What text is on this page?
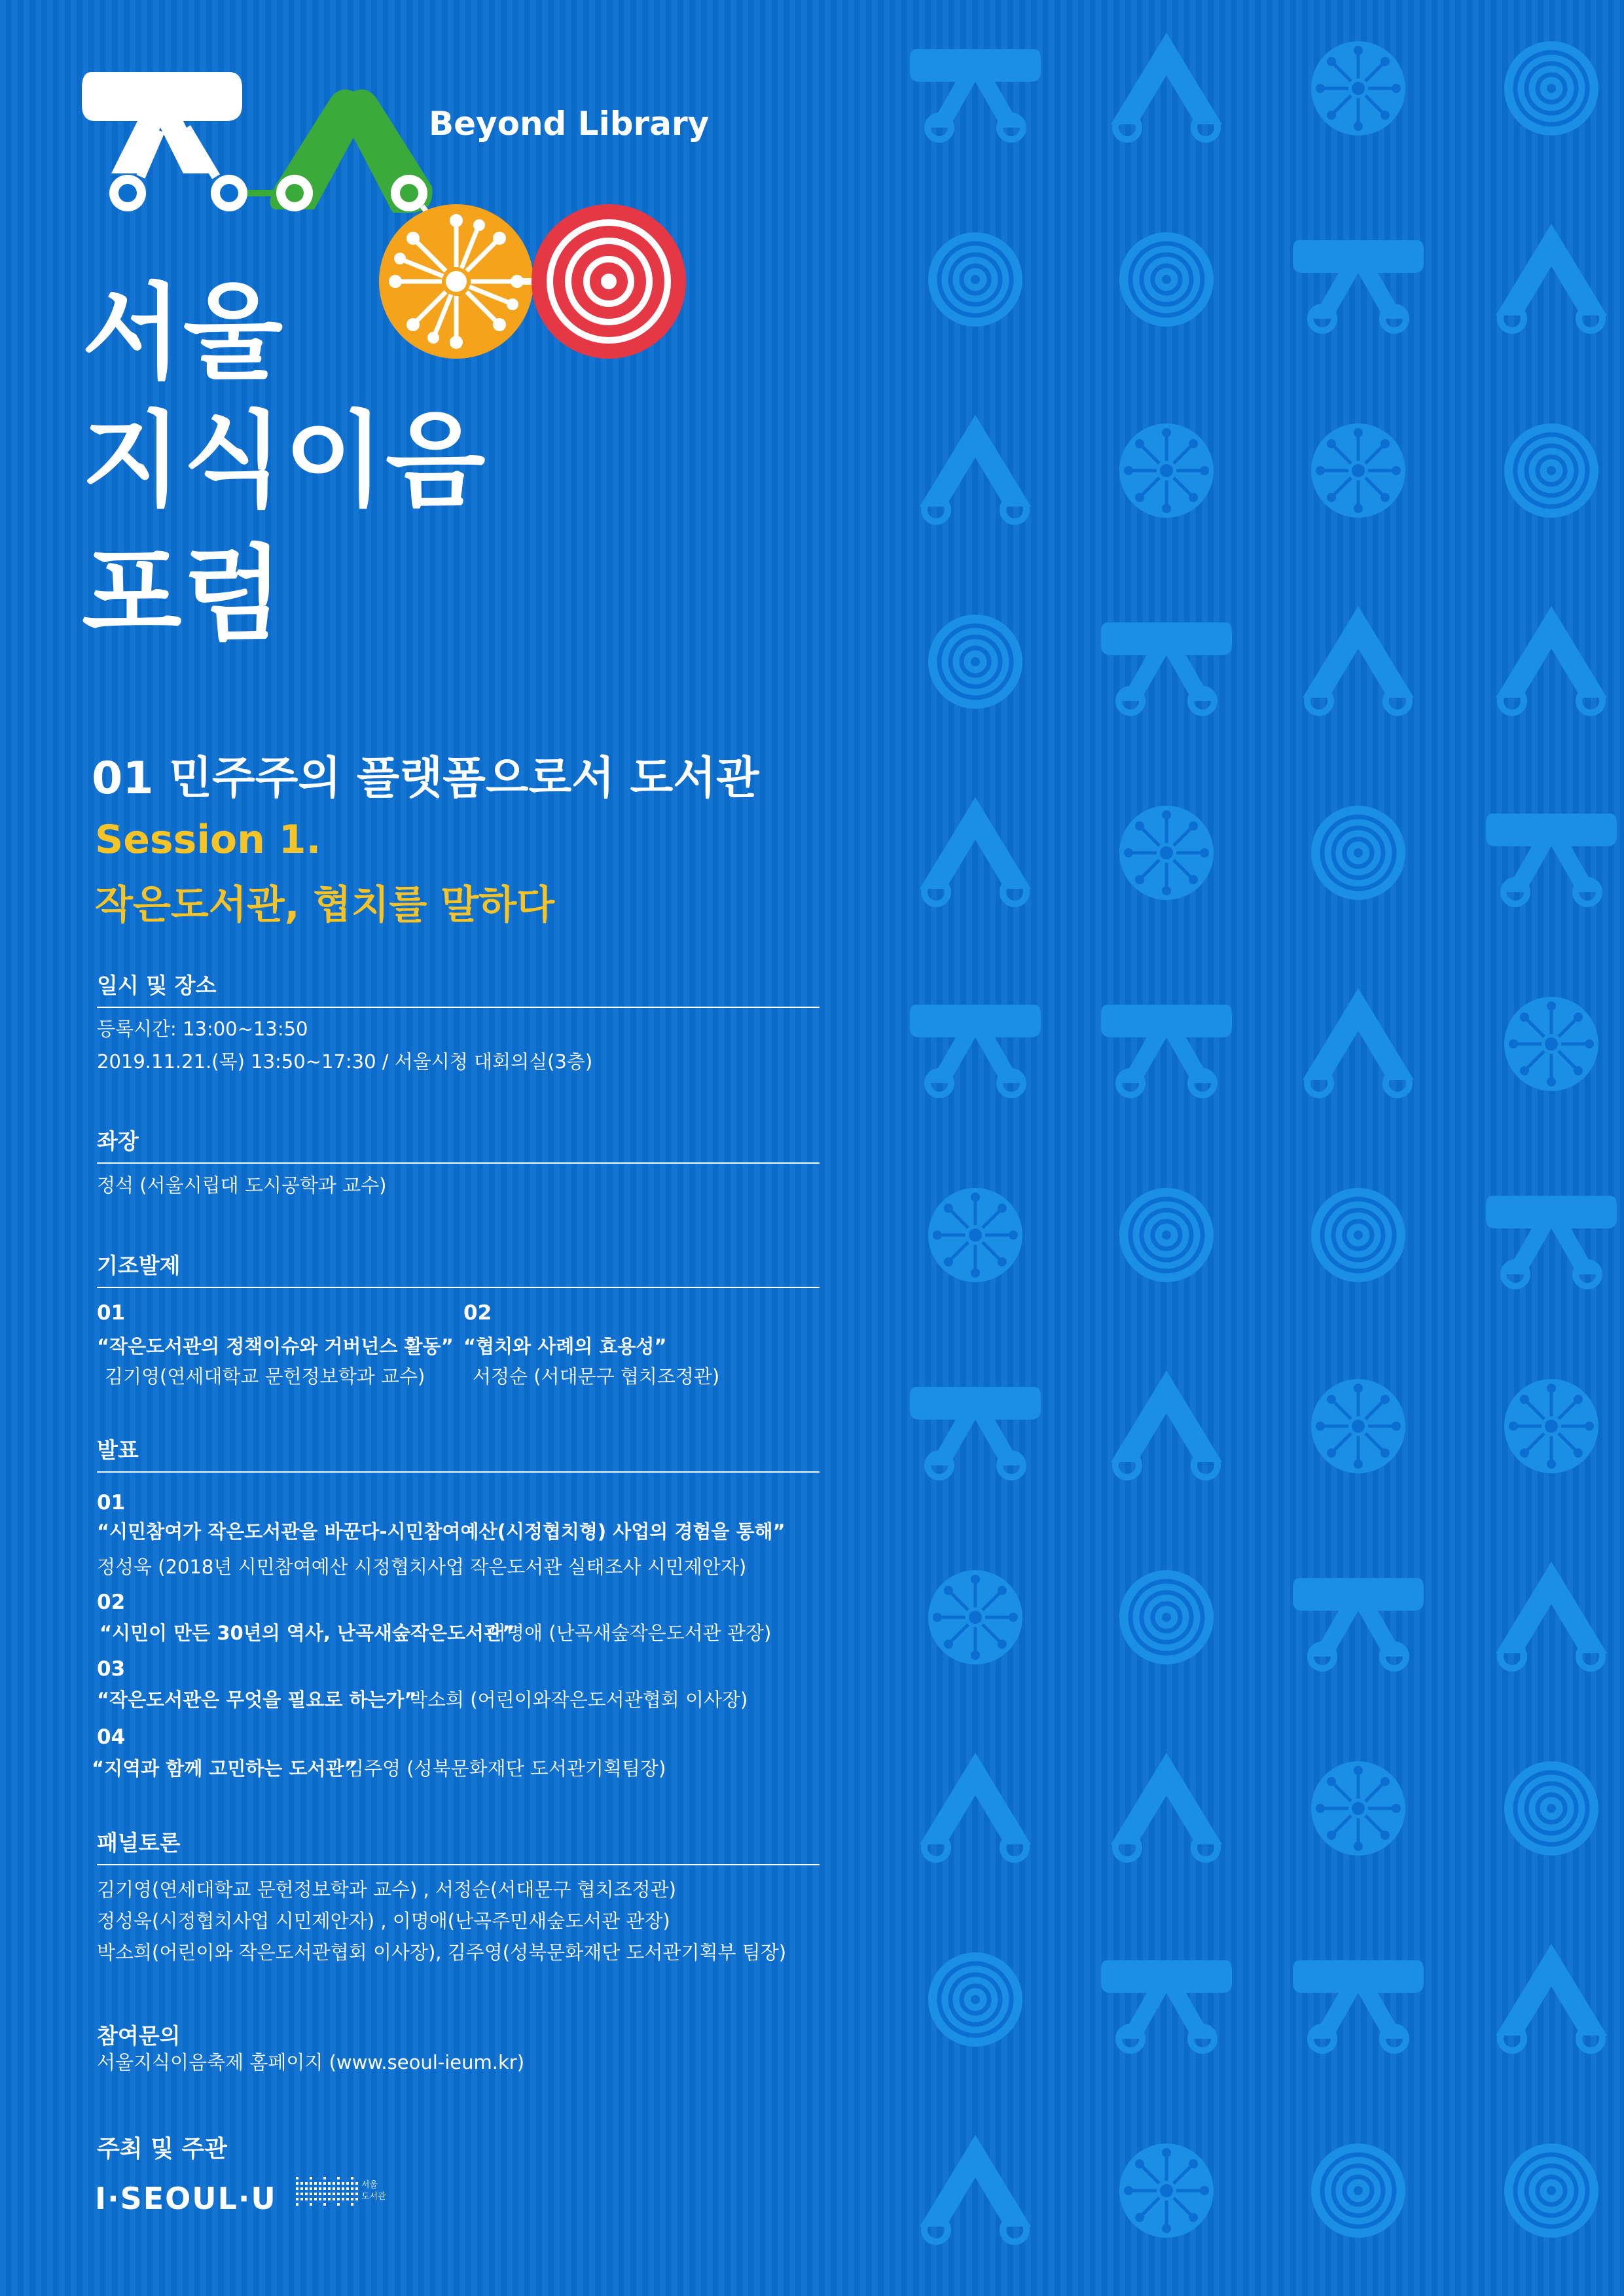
Beyond Library
서울
지식이음
포럼
01 민주주의 플랫폼으로서 도서관
Session 1.
작은도서관, 협치를 말하다
일시 및 장소
등록시간: 13:00~13:50
2019.11.21.(목) 13:50~17:30 / 서울시청 대회의실(3층)
좌장
정석 (서울시립대 도시공학과 교수)
기조발제
01
“작은도서관의 정책이슈와 거버넌스 활동”
김기영(연세대학교 문헌정보학과 교수)
02
“협치와 사례의 효용성”
서정순 (서대문구 협치조정관)
발표
01
“시민참여가 작은도서관을 바꾼다-시민참여예산(시정협치형) 사업의 경험을 통해”
정성욱 (2018년 시민참여예산 시정협치사업 작은도서관 실태조사 시민제안자)
02
“시민이 만든 30년의 역사, 난곡새숲작은도서관”
이명애 (난곡새숲작은도서관 관장)
03
“작은도서관은 무엇을 필요로 하는가”
박소희 (어린이와작은도서관협회 이사장)
04
“지역과 함께 고민하는 도서관”
김주영 (성북문화재단 도서관기획팀장)
패널토론
김기영(연세대학교 문헌정보학과 교수) , 서정순(서대문구 협치조정관)
정성욱(시정협치사업 시민제안자) , 이명애(난곡주민새숲도서관 관장)
박소희(어린이와 작은도서관협회 이사장), 김주영(성북문화재단 도서관기획부 팀장)
참여문의
서울지식이음축제 홈페이지 (www.seoul-ieum.kr)
주최 및 주관
I·SEOUL·U	서울
도서관
